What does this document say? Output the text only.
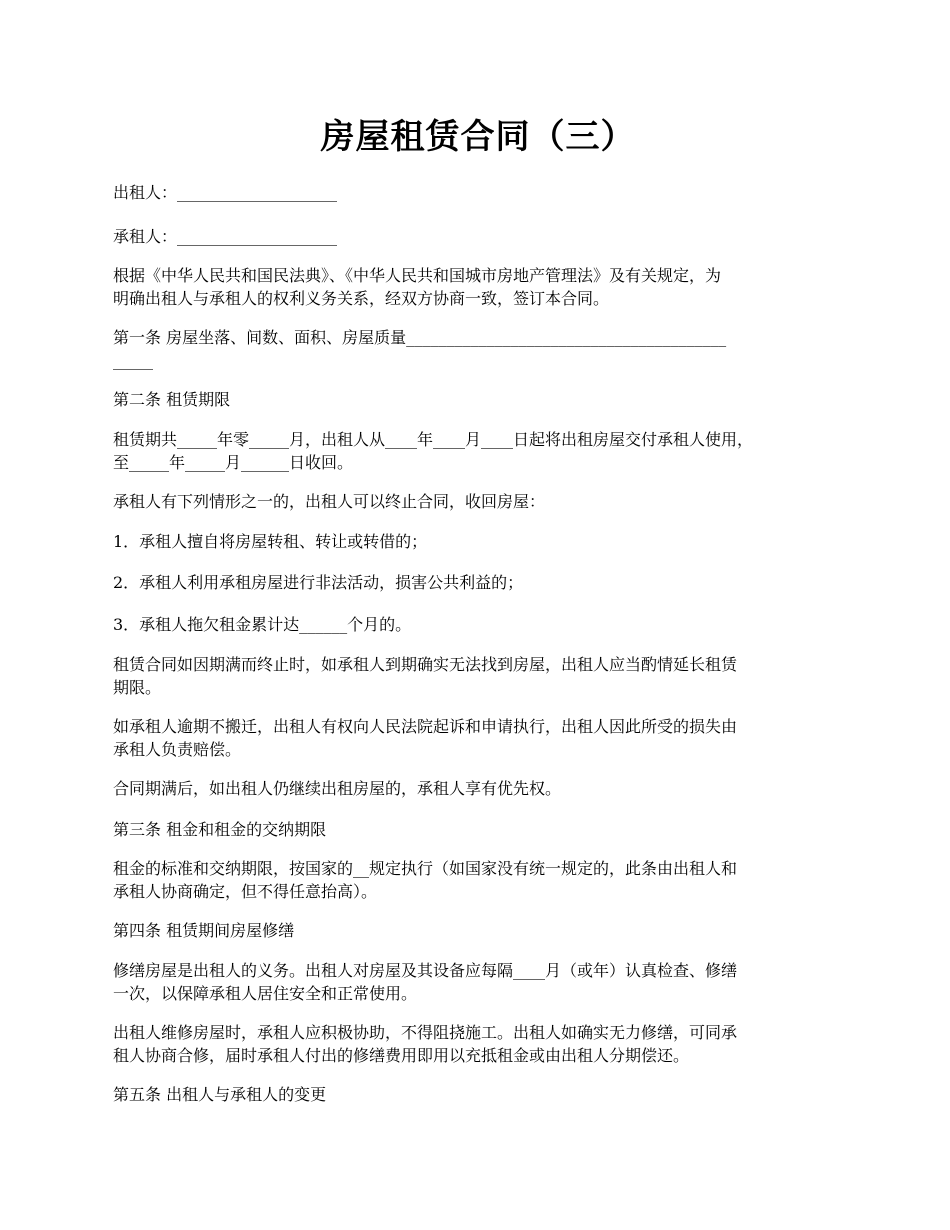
房屋租赁合同（三）

出租人：____________________

承租人：____________________

根据《中华人民共和国民法典》、《中华人民共和国城市房地产管理法》及有关规定，为

明确出租人与承租人的权利义务关系，经双方协商一致，签订本合同。

第一条 房屋坐落、间数、面积、房屋质量________________________________________

_____

第二条 租赁期限

租赁期共_____年零_____月，出租人从____年____月____日起将出租房屋交付承租人使用，

至_____年_____月______日收回。

承租人有下列情形之一的，出租人可以终止合同，收回房屋：

1．承租人擅自将房屋转租、转让或转借的；

2．承租人利用承租房屋进行非法活动，损害公共利益的；

3．承租人拖欠租金累计达______个月的。

租赁合同如因期满而终止时，如承租人到期确实无法找到房屋，出租人应当酌情延长租赁

期限。

如承租人逾期不搬迁，出租人有权向人民法院起诉和申请执行，出租人因此所受的损失由

承租人负责赔偿。

合同期满后，如出租人仍继续出租房屋的，承租人享有优先权。

第三条 租金和租金的交纳期限

租金的标准和交纳期限，按国家的__规定执行（如国家没有统一规定的，此条由出租人和

承租人协商确定，但不得任意抬高）。

第四条 租赁期间房屋修缮

修缮房屋是出租人的义务。出租人对房屋及其设备应每隔____月（或年）认真检查、修缮

一次，以保障承租人居住安全和正常使用。

出租人维修房屋时，承租人应积极协助，不得阻挠施工。出租人如确实无力修缮，可同承

租人协商合修，届时承租人付出的修缮费用即用以充抵租金或由出租人分期偿还。

第五条 出租人与承租人的变更
